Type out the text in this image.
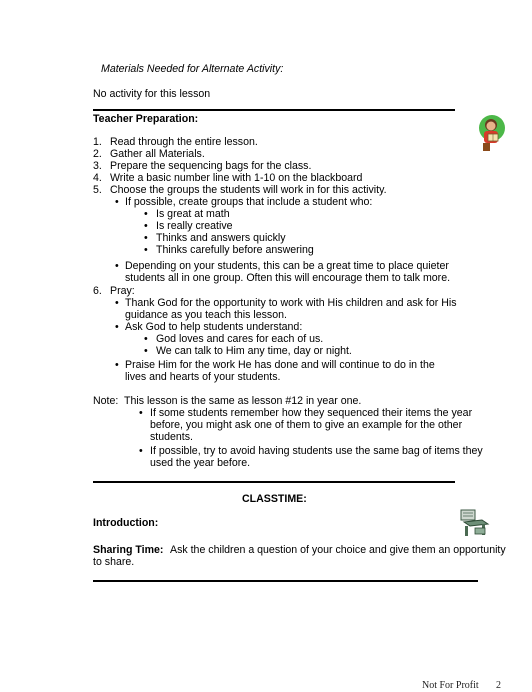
Materials Needed for Alternate Activity:
No activity for this lesson
Teacher Preparation:
1. Read through the entire lesson.
2. Gather all Materials.
3. Prepare the sequencing bags for the class.
4. Write a basic number line with 1-10 on the blackboard
5. Choose the groups the students will work in for this activity.
• If possible, create groups that include a student who:
• Is great at math
• Is really creative
• Thinks and answers quickly
• Thinks carefully before answering
• Depending on your students, this can be a great time to place quieter
students all in one group. Often this will encourage them to talk more.
6. Pray:
• Thank God for the opportunity to work with His children and ask for His
guidance as you teach this lesson.
• Ask God to help students understand:
• God loves and cares for each of us.
• We can talk to Him any time, day or night.
• Praise Him for the work He has done and will continue to do in the
lives and hearts of your students.
Note: This lesson is the same as lesson #12 in year one.
• If some students remember how they sequenced their items the year
before, you might ask one of them to give an example for the other
students.
• If possible, try to avoid having students use the same bag of items they
used the year before.
CLASSTIME:
Introduction:
Sharing Time: Ask the children a question of your choice and give them an opportunity
to share.
Not For Profit 2
